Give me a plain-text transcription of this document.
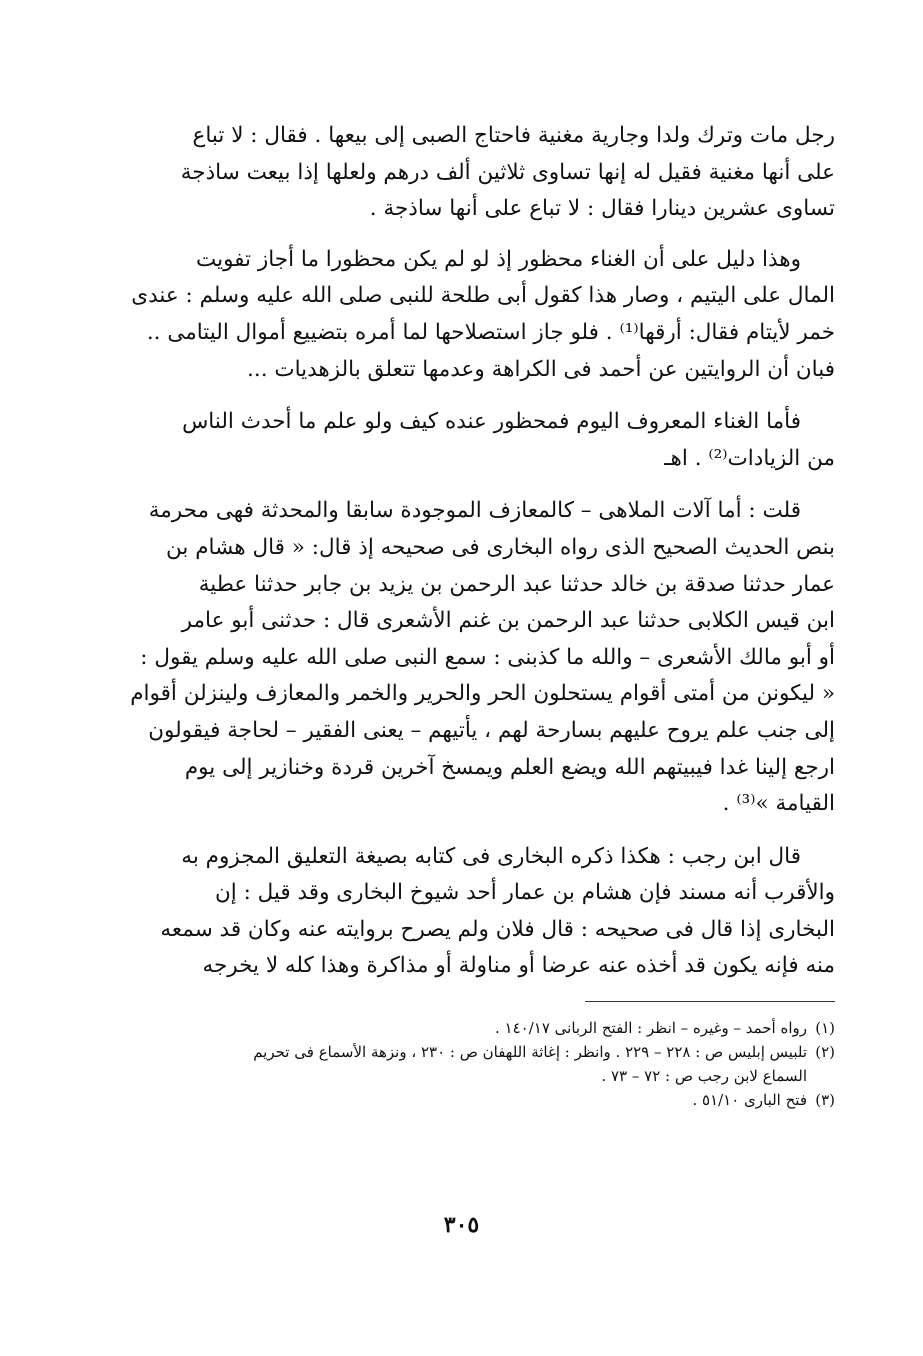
رجل مات وترك ولدا وجارية مغنية فاحتاج الصبى إلى بيعها . فقال : لا تباع
على أنها مغنية فقيل له إنها تساوى ثلاثين ألف درهم ولعلها إذا بيعت ساذجة
تساوى عشرين دينارا فقال : لا تباع على أنها ساذجة .
وهذا دليل على أن الغناء محظور إذ لو لم يكن محظورا ما أجاز تفويت
المال على اليتيم ، وصار هذا كقول أبى طلحة للنبى صلى الله عليه وسلم : عندى
خمر لأيتام فقال: أرقها⁽¹⁾ . فلو جاز استصلاحها لما أمره بتضييع أموال اليتامى ..
فبان أن الروايتين عن أحمد فى الكراهة وعدمها تتعلق بالزهديات ...
فأما الغناء المعروف اليوم فمحظور عنده كيف ولو علم ما أحدث الناس
من الزيادات⁽²⁾ . اهـ
قلت : أما آلات الملاهى – كالمعازف الموجودة سابقا والمحدثة فهى محرمة
بنص الحديث الصحيح الذى رواه البخارى فى صحيحه إذ قال: « قال هشام بن
عمار حدثنا صدقة بن خالد حدثنا عبد الرحمن بن يزيد بن جابر حدثنا عطية
ابن قيس الكلابى حدثنا عبد الرحمن بن غنم الأشعرى قال : حدثنى أبو عامر
أو أبو مالك الأشعرى – والله ما كذبنى : سمع النبى صلى الله عليه وسلم يقول :
« ليكونن من أمتى أقوام يستحلون الحر والحرير والخمر والمعازف ولينزلن أقوام
إلى جنب علم يروح عليهم بسارحة لهم ، يأتيهم – يعنى الفقير – لحاجة فيقولون
ارجع إلينا غدا فيبيتهم الله ويضع العلم ويمسخ آخرين قردة وخنازير إلى يوم
القيامة »⁽³⁾ .
قال ابن رجب : هكذا ذكره البخارى فى كتابه بصيغة التعليق المجزوم به
والأقرب أنه مسند فإن هشام بن عمار أحد شيوخ البخارى وقد قيل : إن
البخارى إذا قال فى صحيحه : قال فلان ولم يصرح بروايته عنه وكان قد سمعه
منه فإنه يكون قد أخذه عنه عرضا أو مناولة أو مذاكرة وهذا كله لا يخرجه
(١)
رواه أحمد – وغيره – انظر : الفتح الربانى ١٤٠/١٧ .
(٢)
تلبيس إبليس ص : ٢٢٨ – ٢٢٩ . وانظر : إغاثة اللهفان ص : ٢٣٠ ، ونزهة الأسماع فى تحريم
السماع لابن رجب ص : ٧٢ – ٧٣ .
(٣)
فتح البارى ٥١/١٠ .
٣٠٥
